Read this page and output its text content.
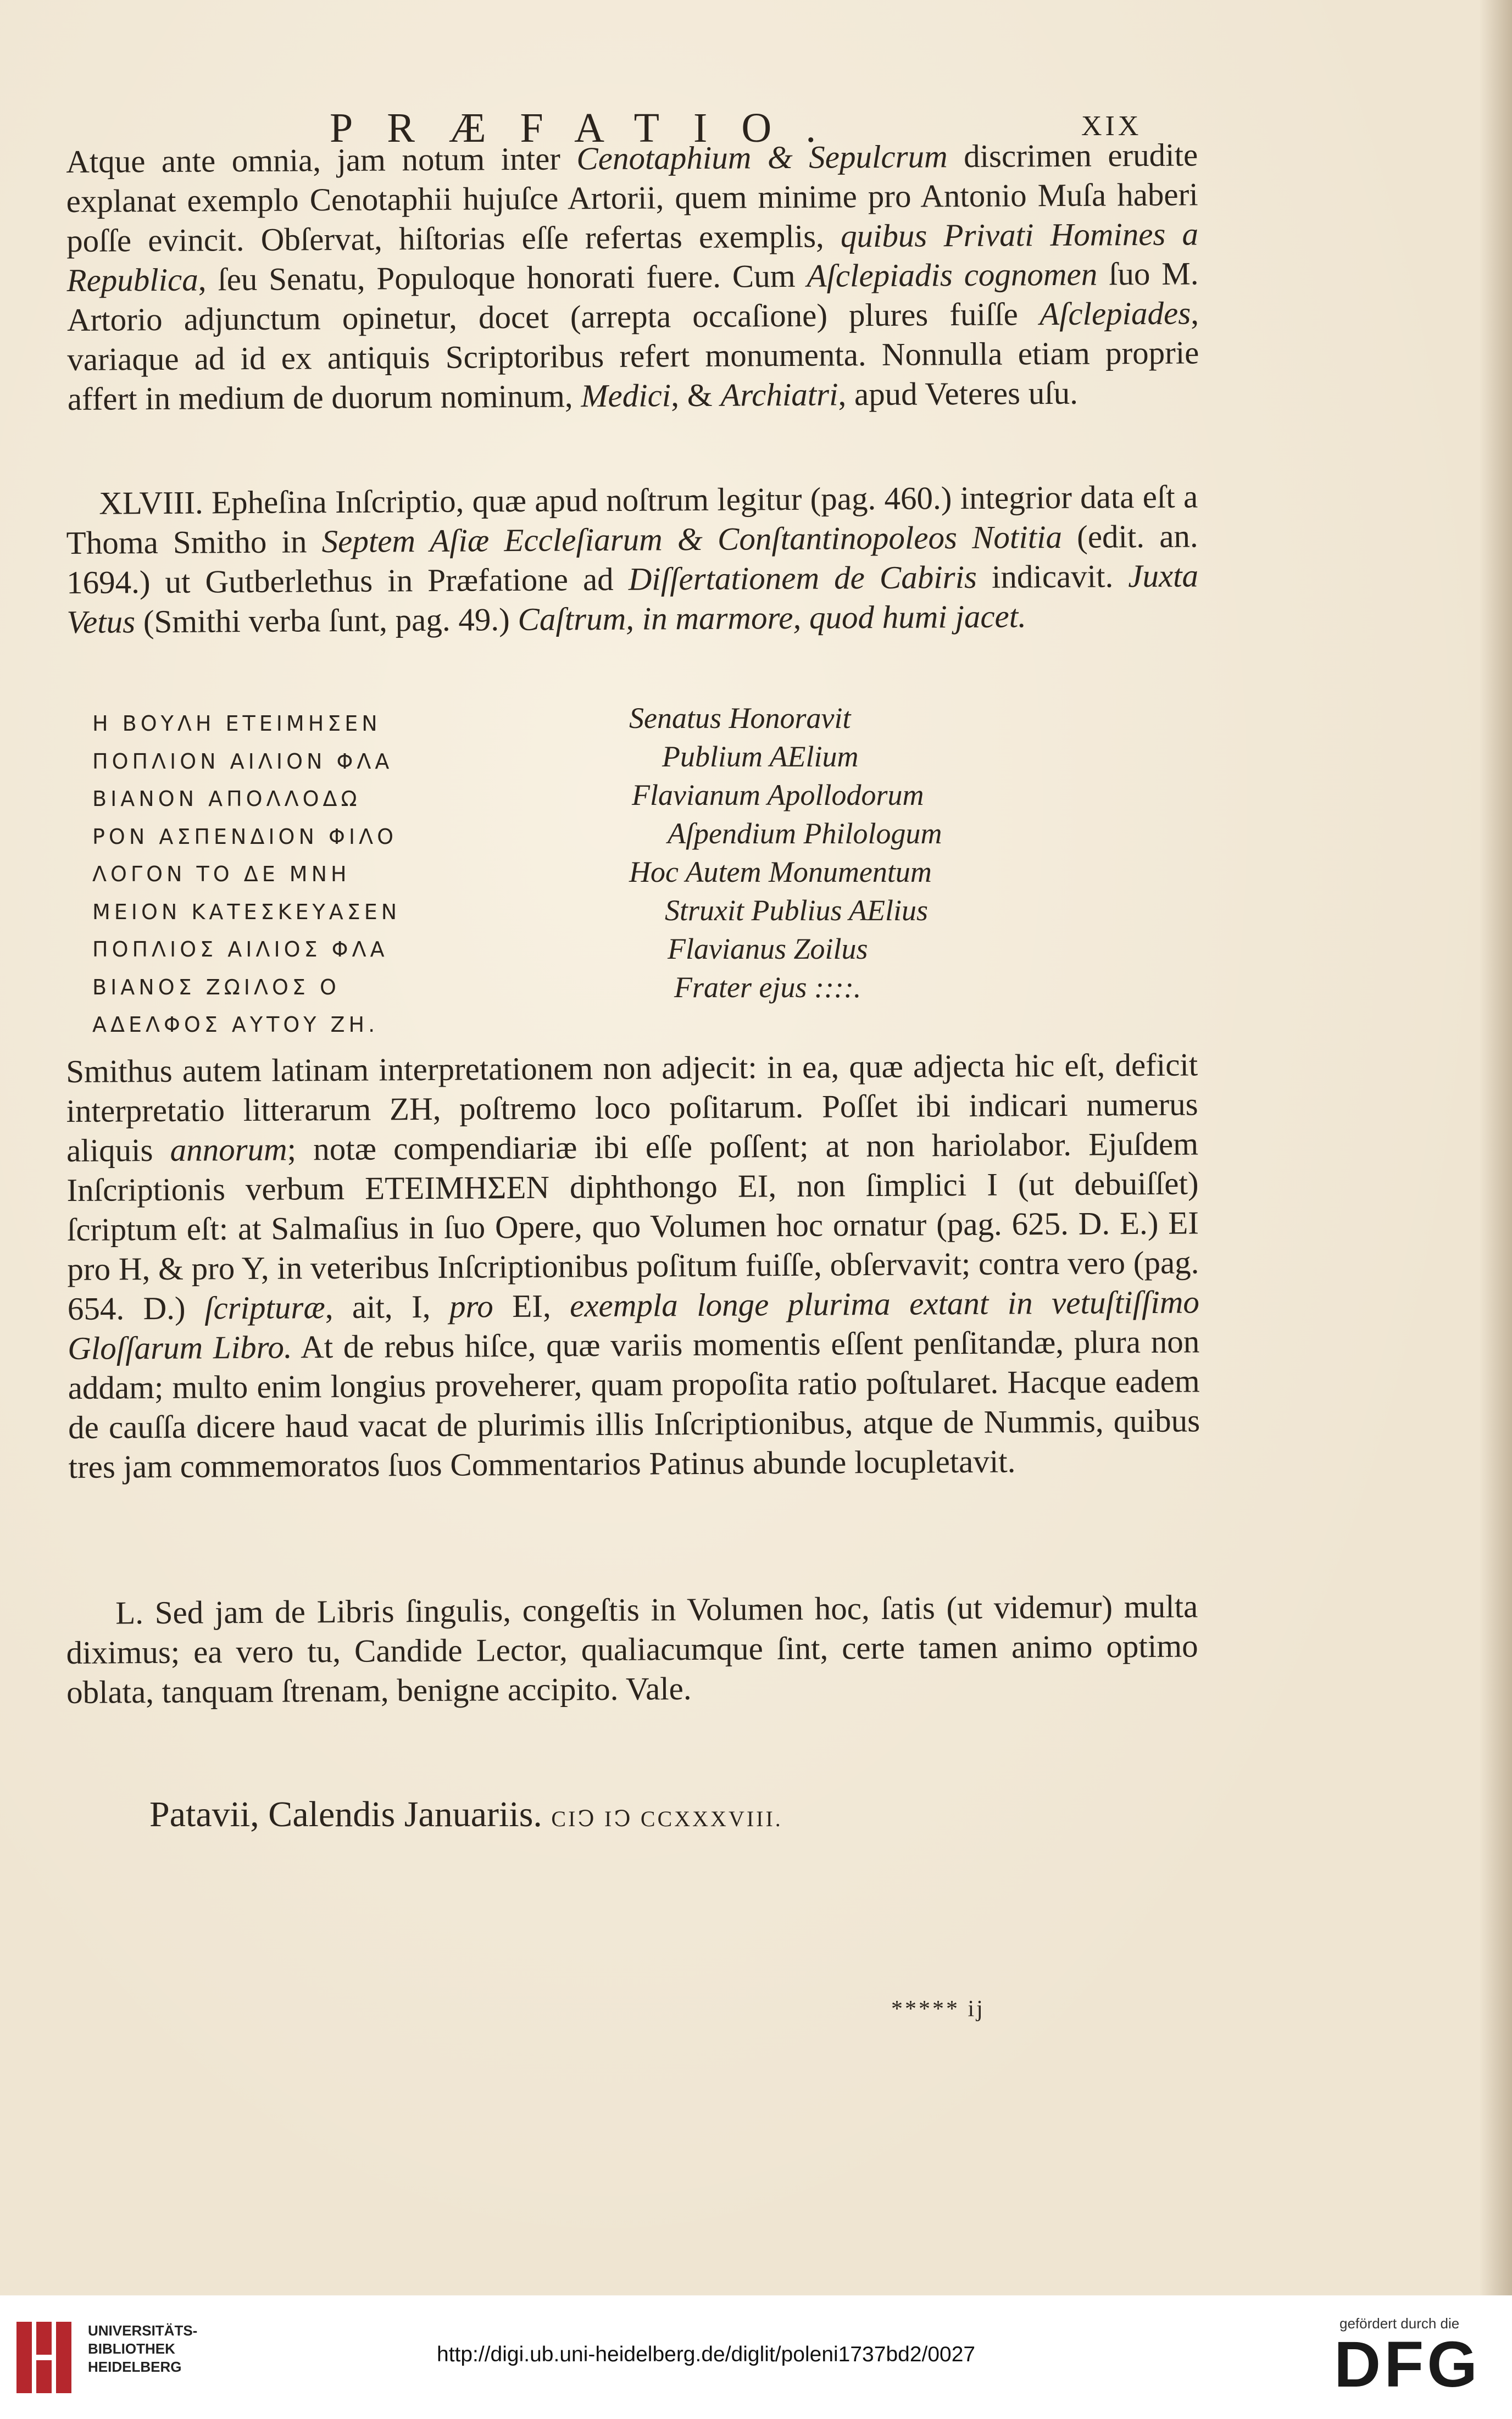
PRÆFATIO.	XIX
Atque ante omnia, jam notum inter Cenotaphium & Sepulcrum discrimen erudite explanat exemplo Cenotaphii hujuſce Artorii, quem minime pro Antonio Muſa haberi poſſe evincit. Obſervat, hiſtorias eſſe refertas exemplis, quibus Privati Homines a Republica, ſeu Senatu, Populoque honorati fuere. Cum Aſclepiadis cognomen ſuo M. Artorio adjunctum opinetur, docet (arrepta occaſione) plures fuiſſe Aſclepiades, variaque ad id ex antiquis Scriptoribus refert monumenta. Nonnulla etiam proprie affert in medium de duorum nominum, Medici, & Archiatri, apud Veteres uſu.
XLVIII. Epheſina Inſcriptio, quæ apud noſtrum legitur (pag. 460.) integrior data eſt a Thoma Smitho in Septem Aſiæ Eccleſiarum & Conſtantinopoleos Notitia (edit. an. 1694.) ut Gutberlethus in Præfatione ad Diſſertationem de Cabiris indicavit. Juxta Vetus (Smithi verba ſunt, pag. 49.) Caſtrum, in marmore, quod humi jacet.
Η ΒΟΥΛΗ ΕΤΕΙΜΗΣΕΝ
ΠΟΠΛΙΟΝ ΑΙΛΙΟΝ ΦΛΑ
ΒΙΑΝΟΝ ΑΠΟΛΛΟΔΩ
ΡΟΝ ΑΣΠΕΝΔΙΟΝ ΦΙΛΟ
ΛΟΓΟΝ ΤΟ ΔΕ ΜΝΗ
ΜΕΙΟΝ ΚΑΤΕΣΚΕΥΑΣΕΝ
ΠΟΠΛΙΟΣ ΑΙΛΙΟΣ ΦΛΑ
ΒΙΑΝΟΣ ΖΩΙΛΟΣ Ο
ΑΔΕΛΦΟΣ ΑΥΤΟΥ ΖΗ.
Senatus Honoravit
Publium AElium
Flavianum Apollodorum
Aſpendium Philologum
Hoc Autem Monumentum
Struxit Publius AElius
Flavianus Zoilus
Frater ejus ::::.
Smithus autem latinam interpretationem non adjecit: in ea, quæ adjecta hic eſt, deficit interpretatio litterarum ZH, poſtremo loco poſitarum. Poſſet ibi indicari numerus aliquis annorum; notæ compendiariæ ibi eſſe poſſent; at non hariolabor. Ejuſdem Inſcriptionis verbum ΕΤΕΙΜΗΣΕΝ diphthongo EI, non ſimplici I (ut debuiſſet) ſcriptum eſt: at Salmaſius in ſuo Opere, quo Volumen hoc ornatur (pag. 625. D. E.) EI pro H, & pro Y, in veteribus Inſcriptionibus poſitum fuiſſe, obſervavit; contra vero (pag. 654. D.) ſcripturæ, ait, I, pro EI, exempla longe plurima extant in vetuſtiſſimo Gloſſarum Libro. At de rebus hiſce, quæ variis momentis eſſent penſitandæ, plura non addam; multo enim longius proveherer, quam propoſita ratio poſtularet. Hacque eadem de cauſſa dicere haud vacat de plurimis illis Inſcriptionibus, atque de Nummis, quibus tres jam commemoratos ſuos Commentarios Patinus abunde locupletavit.
L. Sed jam de Libris ſingulis, congeſtis in Volumen hoc, ſatis (ut videmur) multa diximus; ea vero tu, Candide Lector, qualiacumque ſint, certe tamen animo optimo oblata, tanquam ſtrenam, benigne accipito. Vale.
Patavii, Calendis Januariis. CIↃ IↃ CCXXXVIII.
***** ij
UNIVERSITÄTS-
BIBLIOTHEK
HEIDELBERG
http://digi.ub.uni-heidelberg.de/diglit/poleni1737bd2/0027
gefördert durch die
DFG
